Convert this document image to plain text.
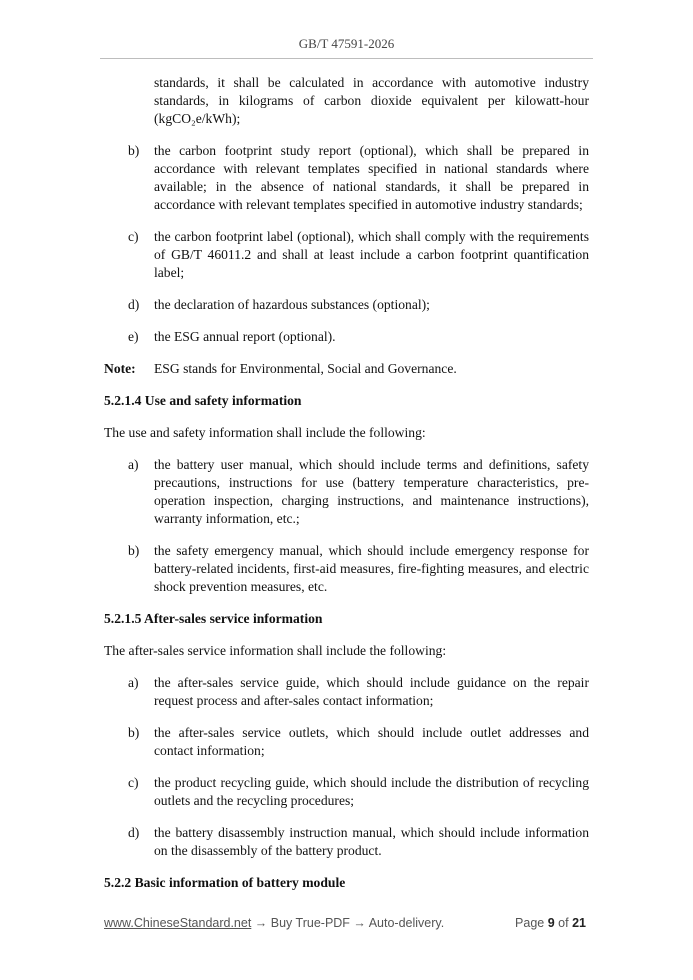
GB/T 47591-2026
standards, it shall be calculated in accordance with automotive industry standards, in kilograms of carbon dioxide equivalent per kilowatt-hour (kgCO₂e/kWh);
b)	the carbon footprint study report (optional), which shall be prepared in accordance with relevant templates specified in national standards where available; in the absence of national standards, it shall be prepared in accordance with relevant templates specified in automotive industry standards;
c)	the carbon footprint label (optional), which shall comply with the requirements of GB/T 46011.2 and shall at least include a carbon footprint quantification label;
d)	the declaration of hazardous substances (optional);
e)	the ESG annual report (optional).
Note:	ESG stands for Environmental, Social and Governance.
5.2.1.4 Use and safety information
The use and safety information shall include the following:
a)	the battery user manual, which should include terms and definitions, safety precautions, instructions for use (battery temperature characteristics, pre-operation inspection, charging instructions, and maintenance instructions), warranty information, etc.;
b)	the safety emergency manual, which should include emergency response for battery-related incidents, first-aid measures, fire-fighting measures, and electric shock prevention measures, etc.
5.2.1.5 After-sales service information
The after-sales service information shall include the following:
a)	the after-sales service guide, which should include guidance on the repair request process and after-sales contact information;
b)	the after-sales service outlets, which should include outlet addresses and contact information;
c)	the product recycling guide, which should include the distribution of recycling outlets and the recycling procedures;
d)	the battery disassembly instruction manual, which should include information on the disassembly of the battery product.
5.2.2 Basic information of battery module
www.ChineseStandard.net → Buy True-PDF → Auto-delivery.	Page 9 of 21
